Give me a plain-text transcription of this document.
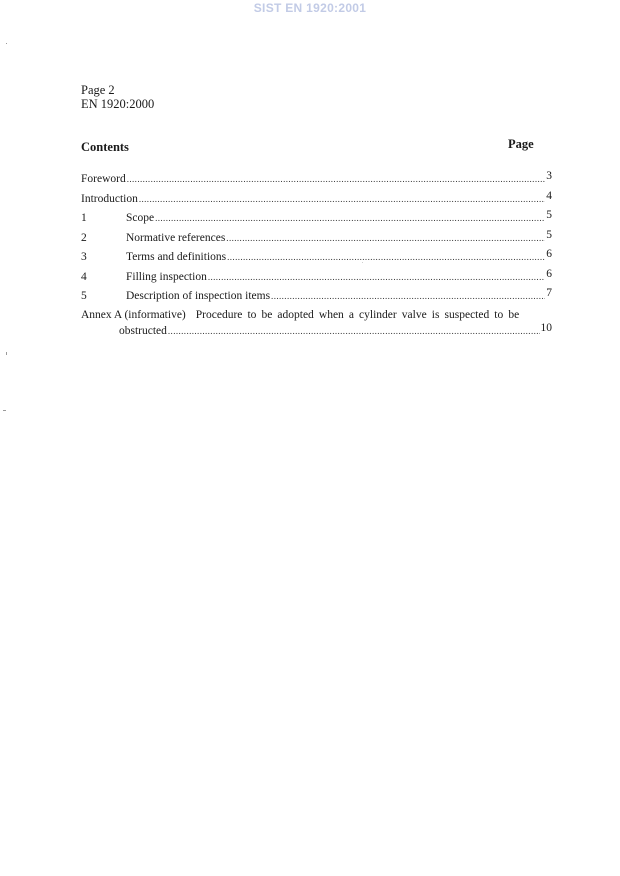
SIST EN 1920:2001
Page 2
EN 1920:2000
Contents	Page
Foreword .....	3
Introduction .....	4
1	Scope .....	5
2	Normative references .....	5
3	Terms and definitions .....	6
4	Filling inspection .....	6
5	Description of inspection items .....	7
Annex A (informative) Procedure to be adopted when a cylinder valve is suspected to be
obstructed .....	10
